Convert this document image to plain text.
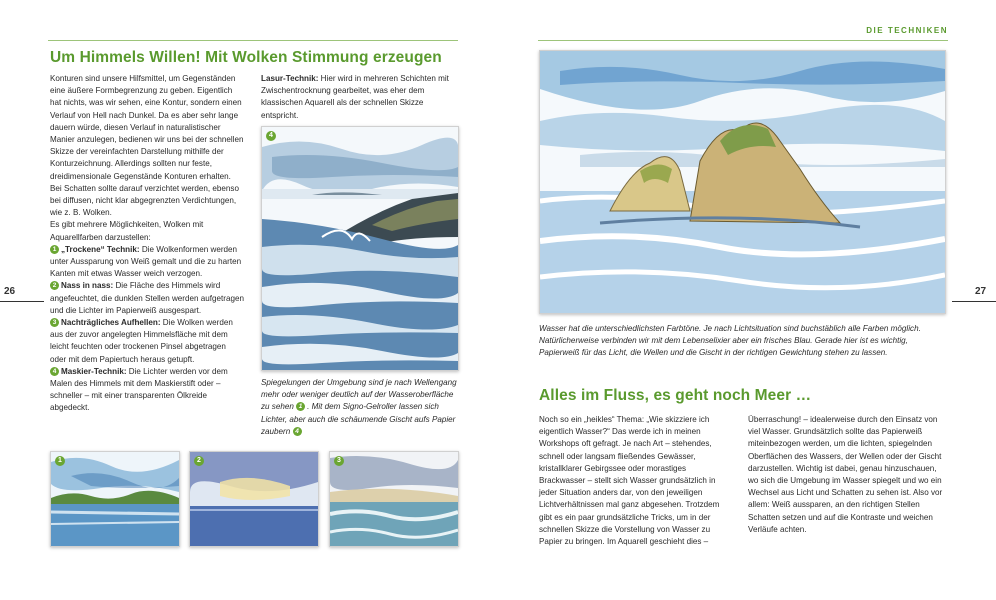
Um Himmels Willen! Mit Wolken Stimmung erzeugen
26

Konturen sind unsere Hilfsmittel, um Gegenständen eine äußere Formbegrenzung zu geben. Eigentlich hat nichts, was wir sehen, eine Kontur, sondern einen Verlauf von Hell nach Dunkel. Da es aber sehr lange dauern würde, diesen Verlauf in naturalistischer Manier anzulegen, bedienen wir uns bei der schnellen Skizze der vereinfachten Darstellung mithilfe der Konturzeichnung. Allerdings sollten nur feste, dreidimensionale Gegenstände Konturen erhalten. Bei Schatten sollte darauf verzichtet werden, ebenso bei diffusen, nicht klar abgegrenzten Verdichtungen, wie z. B. Wolken.

Es gibt mehrere Möglichkeiten, Wolken mit Aquarellfarben darzustellen:

1 „Trockene“ Technik: Die Wolkenformen werden unter Aussparung von Weiß gemalt und die zu harten Kanten mit etwas Wasser weich verzogen.

2 Nass in nass: Die Fläche des Himmels wird angefeuchtet, die dunklen Stellen werden aufgetragen und die Lichter im Papierweiß ausgespart.

3 Nachträgliches Aufhellen: Die Wolken werden aus der zuvor angelegten Himmelsfläche mit dem leicht feuchten oder trockenen Pinsel abgetragen oder mit dem Papiertuch heraus getupft.

4 Maskier-Technik: Die Lichter werden vor dem Malen des Himmels mit dem Maskierstift oder – schneller – mit einer transparenten Ölkreide abgedeckt.

Lasur-Technik: Hier wird in mehreren Schichten mit Zwischentrocknung gearbeitet, was eher dem klassischen Aquarell als der schnellen Skizze entspricht.
4
Spiegelungen der Umgebung sind je nach Wellengang mehr oder weniger deutlich auf der Wasseroberfläche zu sehen 1 . Mit dem Signo-Gelroller lassen sich Lichter, aber auch die schäumende Gischt aufs Papier zaubern 4
1	2	3
DIE TECHNIKEN
27
Wasser hat die unterschiedlichsten Farbtöne. Je nach Lichtsituation sind buchstäblich alle Farben möglich. Natürlicherweise verbinden wir mit dem Lebenselixier aber ein frisches Blau. Gerade hier ist es wichtig, Papierweiß für das Licht, die Wellen und die Gischt in der richtigen Gewichtung stehen zu lassen.
Alles im Fluss, es geht noch Meer …
Noch so ein „heikles“ Thema: „Wie skizziere ich eigentlich Wasser?“ Das werde ich in meinen Workshops oft gefragt. Je nach Art – stehendes, schnell oder langsam fließendes Gewässer, kristallklarer Gebirgssee oder morastiges Brackwasser – stellt sich Wasser grundsätzlich in jeder Situation anders dar, von den jeweiligen Lichtverhältnissen mal ganz abgesehen. Trotzdem gibt es ein paar grundsätzliche Tricks, um in der schnellen Skizze die Vorstellung von Wasser zu Papier zu bringen. Im Aquarell geschieht dies –
Überraschung! – idealerweise durch den Einsatz von viel Wasser. Grundsätzlich sollte das Papierweiß miteinbezogen werden, um die lichten, spiegelnden Oberflächen des Wassers, der Wellen oder der Gischt darzustellen. Wichtig ist dabei, genau hinzuschauen, wo sich die Umgebung im Wasser spiegelt und wo ein Wechsel aus Licht und Schatten zu sehen ist. Also vor allem: Weiß aussparen, an den richtigen Stellen Schatten setzen und auf die Kontraste und weichen Verläufe achten.
